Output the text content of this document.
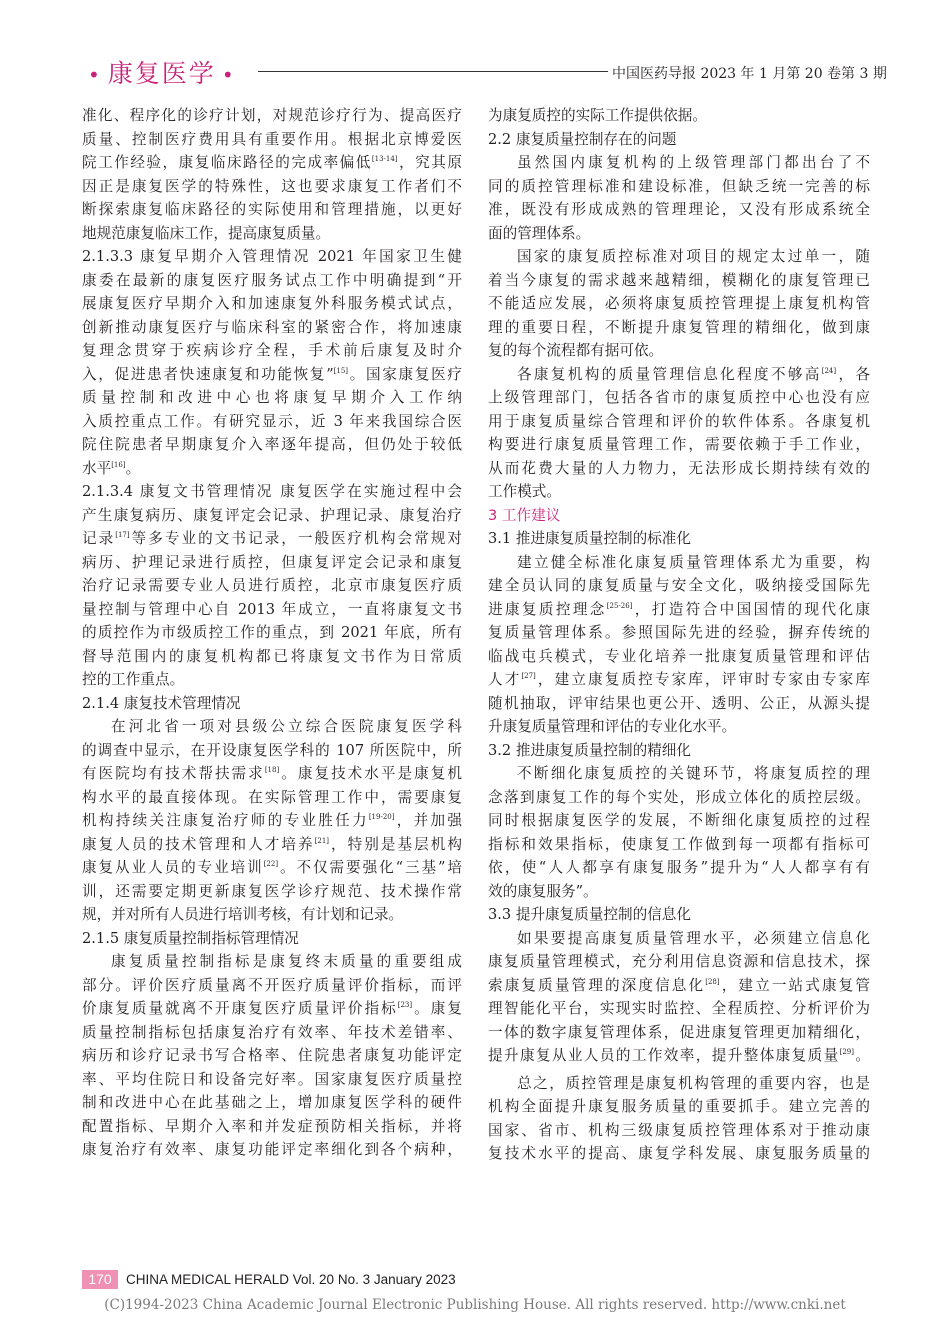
• 康复医学 •	中国医药导报 2023 年 1 月第 20 卷第 3 期
准化、程序化的诊疗计划，对规范诊疗行为、提高医疗
质量、控制医疗费用具有重要作用。根据北京博爱医
院工作经验，康复临床路径的完成率偏低[13-14]，究其原
因正是康复医学的特殊性，这也要求康复工作者们不
断探索康复临床路径的实际使用和管理措施，以更好
地规范康复临床工作，提高康复质量。
2.1.3.3 康复早期介入管理情况 2021 年国家卫生健
康委在最新的康复医疗服务试点工作中明确提到“开
展康复医疗早期介入和加速康复外科服务模式试点，
创新推动康复医疗与临床科室的紧密合作，将加速康
复理念贯穿于疾病诊疗全程，手术前后康复及时介
入，促进患者快速康复和功能恢复”[15]。国家康复医疗
质量控制和改进中心也将康复早期介入工作纳
入质控重点工作。有研究显示，近 3 年来我国综合医
院住院患者早期康复介入率逐年提高，但仍处于较低
水平[16]。
2.1.3.4 康复文书管理情况 康复医学在实施过程中会
产生康复病历、康复评定会记录、护理记录、康复治疗
记录[17]等多专业的文书记录，一般医疗机构会常规对
病历、护理记录进行质控，但康复评定会记录和康复
治疗记录需要专业人员进行质控，北京市康复医疗质
量控制与管理中心自 2013 年成立，一直将康复文书
的质控作为市级质控工作的重点，到 2021 年底，所有
督导范围内的康复机构都已将康复文书作为日常质
控的工作重点。
2.1.4 康复技术管理情况
在河北省一项对县级公立综合医院康复医学科
的调查中显示，在开设康复医学科的 107 所医院中，所
有医院均有技术帮扶需求[18]。康复技术水平是康复机
构水平的最直接体现。在实际管理工作中，需要康复
机构持续关注康复治疗师的专业胜任力[19-20]，并加强
康复人员的技术管理和人才培养[21]，特别是基层机构
康复从业人员的专业培训[22]。不仅需要强化“三基”培
训，还需要定期更新康复医学诊疗规范、技术操作常
规，并对所有人员进行培训考核，有计划和记录。
2.1.5 康复质量控制指标管理情况
康复质量控制指标是康复终末质量的重要组成
部分。评价医疗质量离不开医疗质量评价指标，而评
价康复质量就离不开康复医疗质量评价指标[23]。康复
质量控制指标包括康复治疗有效率、年技术差错率、
病历和诊疗记录书写合格率、住院患者康复功能评定
率、平均住院日和设备完好率。国家康复医疗质量控
制和改进中心在此基础之上，增加康复医学科的硬件
配置指标、早期介入率和并发症预防相关指标，并将
康复治疗有效率、康复功能评定率细化到各个病种，
为康复质控的实际工作提供依据。
2.2 康复质量控制存在的问题
虽然国内康复机构的上级管理部门都出台了不
同的质控管理标准和建设标准，但缺乏统一完善的标
准，既没有形成成熟的管理理论，又没有形成系统全
面的管理体系。
国家的康复质控标准对项目的规定太过单一，随
着当今康复的需求越来越精细，模糊化的康复管理已
不能适应发展，必须将康复质控管理提上康复机构管
理的重要日程，不断提升康复管理的精细化，做到康
复的每个流程都有据可依。
各康复机构的质量管理信息化程度不够高[24]，各
上级管理部门，包括各省市的康复质控中心也没有应
用于康复质量综合管理和评价的软件体系。各康复机
构要进行康复质量管理工作，需要依赖于手工作业，
从而花费大量的人力物力，无法形成长期持续有效的
工作模式。
3 工作建议
3.1 推进康复质量控制的标准化
建立健全标准化康复质量管理体系尤为重要，构
建全员认同的康复质量与安全文化，吸纳接受国际先
进康复质控理念[25-26]，打造符合中国国情的现代化康
复质量管理体系。参照国际先进的经验，摒弃传统的
临战屯兵模式，专业化培养一批康复质量管理和评估
人才[27]，建立康复质控专家库，评审时专家由专家库
随机抽取，评审结果也更公开、透明、公正，从源头提
升康复质量管理和评估的专业化水平。
3.2 推进康复质量控制的精细化
不断细化康复质控的关键环节，将康复质控的理
念落到康复工作的每个实处，形成立体化的质控层级。
同时根据康复医学的发展，不断细化康复质控的过程
指标和效果指标，使康复工作做到每一项都有指标可
依，使“人人都享有康复服务”提升为“人人都享有有
效的康复服务”。
3.3 提升康复质量控制的信息化
如果要提高康复质量管理水平，必须建立信息化
康复质量管理模式，充分利用信息资源和信息技术，探
索康复质量管理的深度信息化[28]，建立一站式康复管
理智能化平台，实现实时监控、全程质控、分析评价为
一体的数字康复管理体系，促进康复管理更加精细化，
提升康复从业人员的工作效率，提升整体康复质量[29]。
总之，质控管理是康复机构管理的重要内容，也是
机构全面提升康复服务质量的重要抓手。建立完善的
国家、省市、机构三级康复质控管理体系对于推动康
复技术水平的提高、康复学科发展、康复服务质量的
170	CHINA MEDICAL HERALD Vol. 20 No. 3 January 2023
(C)1994-2023 China Academic Journal Electronic Publishing House. All rights reserved. http://www.cnki.net
